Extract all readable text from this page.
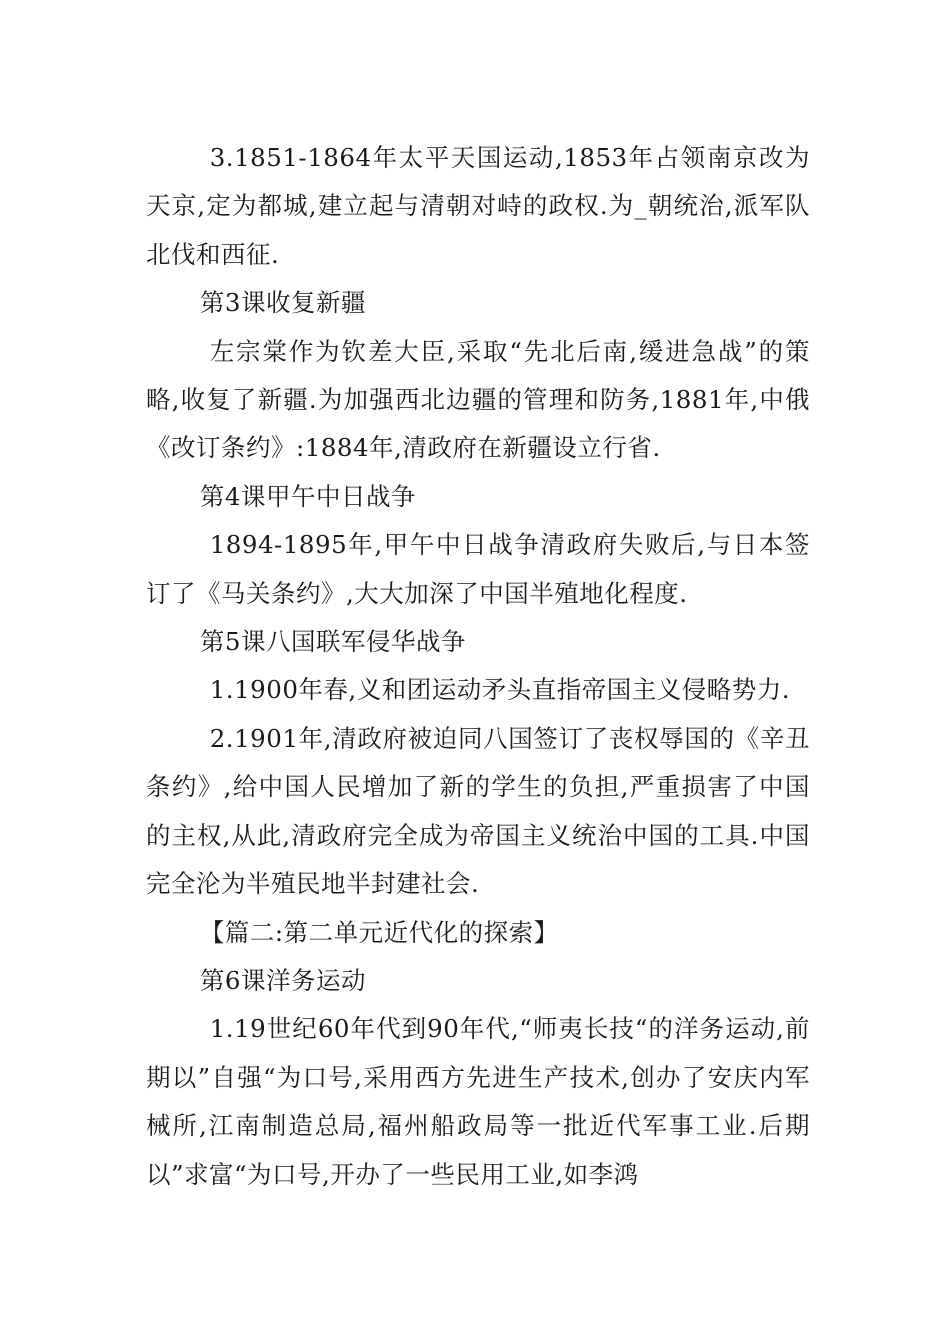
3.1851-1864年太平天国运动,1853年占领南京改为天京,定为都城,建立起与清朝对峙的政权.为_朝统治,派军队北伐和西征.

第3课收复新疆

左宗棠作为钦差大臣,采取“先北后南,缓进急战”的策略,收复了新疆.为加强西北边疆的管理和防务,1881年,中俄《改订条约》:1884年,清政府在新疆设立行省.

第4课甲午中日战争

1894-1895年,甲午中日战争清政府失败后,与日本签订了《马关条约》,大大加深了中国半殖地化程度.

第5课八国联军侵华战争

1.1900年春,义和团运动矛头直指帝国主义侵略势力.

2.1901年,清政府被迫同八国签订了丧权辱国的《辛丑条约》,给中国人民增加了新的学生的负担,严重损害了中国的主权,从此,清政府完全成为帝国主义统治中国的工具.中国完全沦为半殖民地半封建社会.

【篇二:第二单元近代化的探索】

第6课洋务运动

1.19世纪60年代到90年代,“师夷长技“的洋务运动,前期以”自强“为口号,采用西方先进生产技术,创办了安庆内军械所,江南制造总局,福州船政局等一批近代军事工业.后期以”求富“为口号,开办了一些民用工业,如李鸿
